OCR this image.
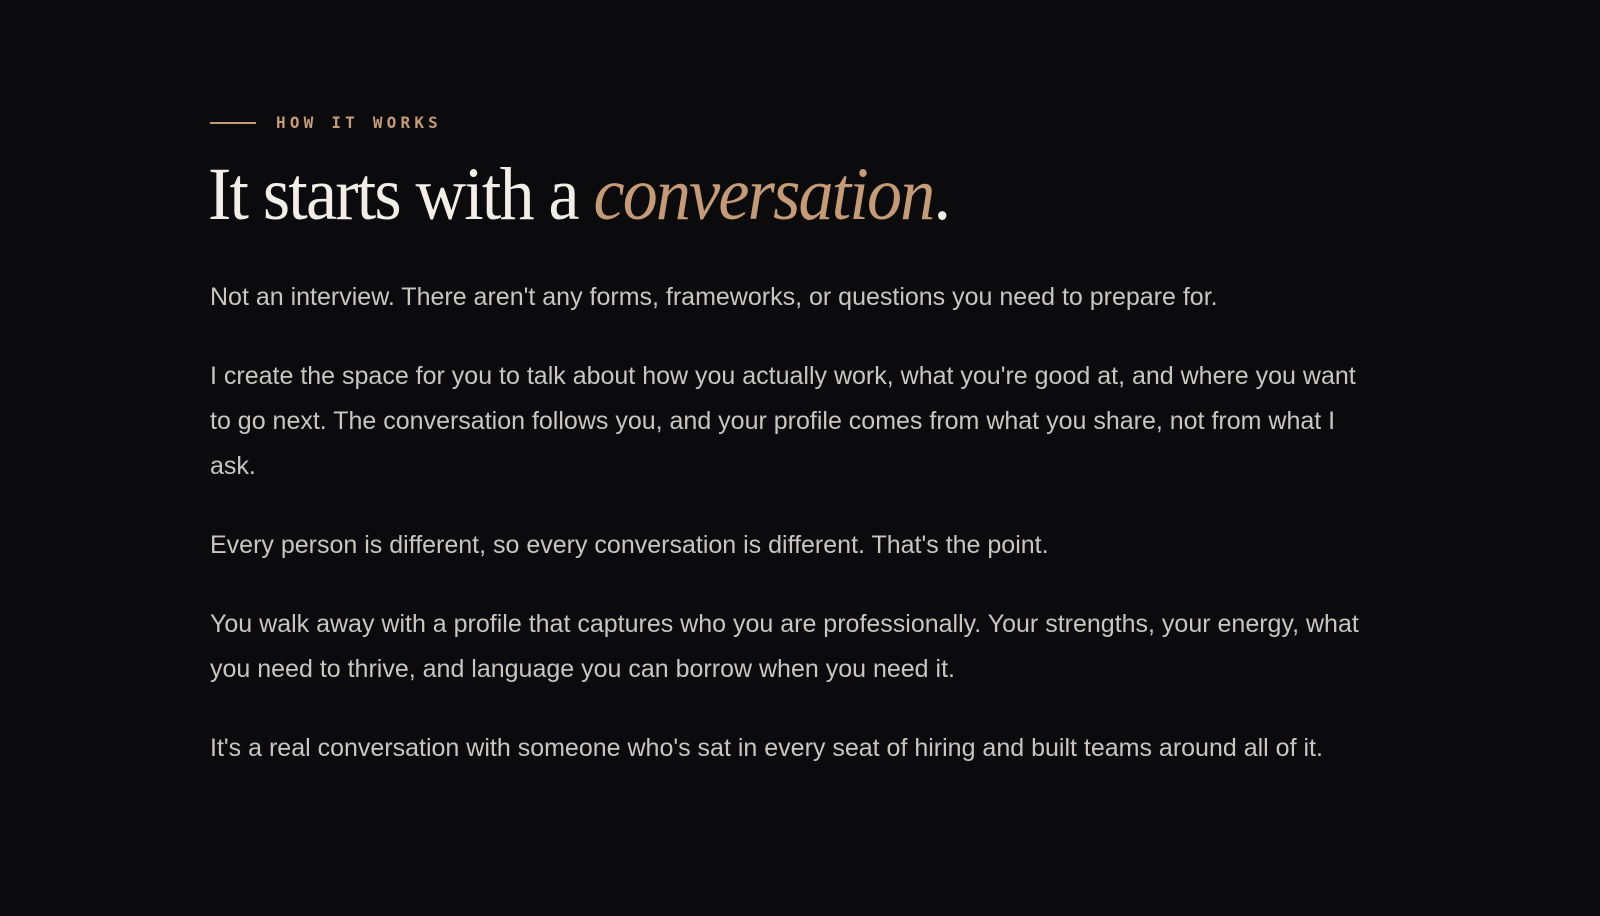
HOW IT WORKS
It starts with a conversation.

Not an interview. There aren't any forms, frameworks, or questions you need to prepare for.

I create the space for you to talk about how you actually work, what you're good at, and where you want to go next. The conversation follows you, and your profile comes from what you share, not from what I ask.

Every person is different, so every conversation is different. That's the point.

You walk away with a profile that captures who you are professionally. Your strengths, your energy, what you need to thrive, and language you can borrow when you need it.

It's a real conversation with someone who's sat in every seat of hiring and built teams around all of it.
